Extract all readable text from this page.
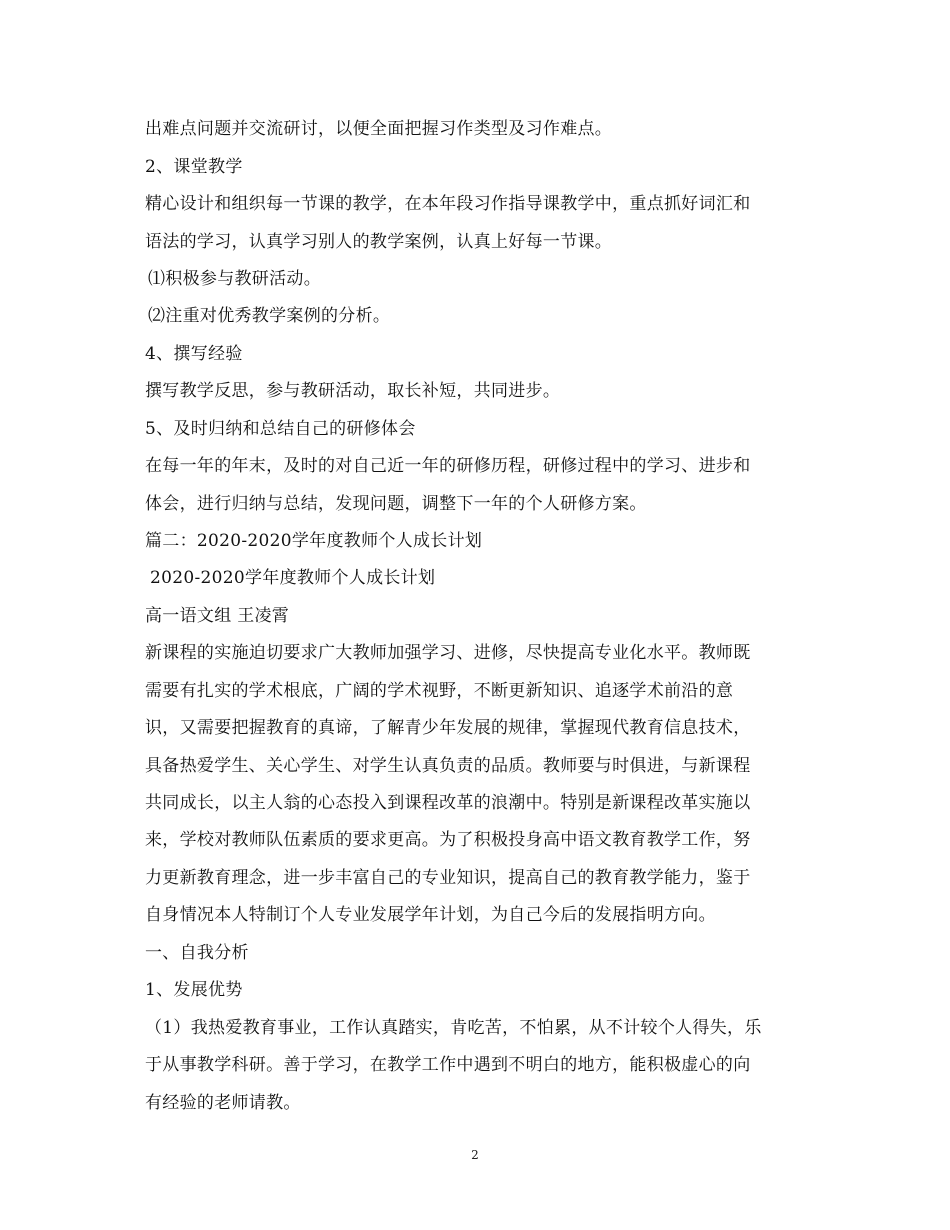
出难点问题并交流研讨，以便全面把握习作类型及习作难点。
2、课堂教学
精心设计和组织每一节课的教学，在本年段习作指导课教学中，重点抓好词汇和
语法的学习，认真学习别人的教学案例，认真上好每一节课。
⑴积极参与教研活动。
⑵注重对优秀教学案例的分析。
4、撰写经验
撰写教学反思，参与教研活动，取长补短，共同进步。
5、及时归纳和总结自己的研修体会
在每一年的年末，及时的对自己近一年的研修历程，研修过程中的学习、进步和
体会，进行归纳与总结，发现问题，调整下一年的个人研修方案。
篇二：2020-2020学年度教师个人成长计划
2020-2020学年度教师个人成长计划
高一语文组 王凌霄
新课程的实施迫切要求广大教师加强学习、进修，尽快提高专业化水平。教师既
需要有扎实的学术根底，广阔的学术视野，不断更新知识、追逐学术前沿的意
识，又需要把握教育的真谛，了解青少年发展的规律，掌握现代教育信息技术，
具备热爱学生、关心学生、对学生认真负责的品质。教师要与时俱进，与新课程
共同成长，以主人翁的心态投入到课程改革的浪潮中。特别是新课程改革实施以
来，学校对教师队伍素质的要求更高。为了积极投身高中语文教育教学工作，努
力更新教育理念，进一步丰富自己的专业知识，提高自己的教育教学能力，鉴于
自身情况本人特制订个人专业发展学年计划，为自己今后的发展指明方向。
一、自我分析
1、发展优势
（1）我热爱教育事业，工作认真踏实，肯吃苦，不怕累，从不计较个人得失，乐
于从事教学科研。善于学习，在教学工作中遇到不明白的地方，能积极虚心的向
有经验的老师请教。
2
